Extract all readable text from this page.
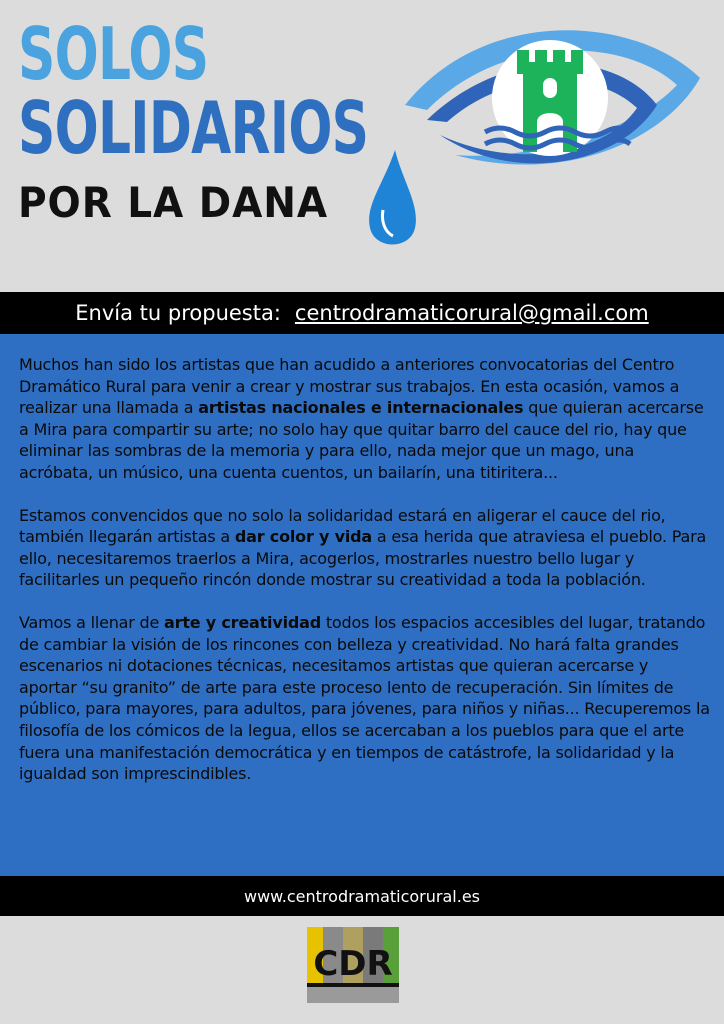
SOLOS
SOLIDARIOS
POR LA DANA
Envía tu propuesta: centrodramaticorural@gmail.com

Muchos han sido los artistas que han acudido a anteriores convocatorias del Centro Dramático Rural para venir a crear y mostrar sus trabajos. En esta ocasión, vamos a realizar una llamada a artistas nacionales e internacionales que quieran acercarse a Mira para compartir su arte; no solo hay que quitar barro del cauce del rio, hay que eliminar las sombras de la memoria y para ello, nada mejor que un mago, una acróbata, un músico, una cuenta cuentos, un bailarín, una titiritera...

Estamos convencidos que no solo la solidaridad estará en aligerar el cauce del rio, también llegarán artistas a dar color y vida a esa herida que atraviesa el pueblo. Para ello, necesitaremos traerlos a Mira, acogerlos, mostrarles nuestro bello lugar y facilitarles un pequeño rincón donde mostrar su creatividad a toda la población.

Vamos a llenar de arte y creatividad todos los espacios accesibles del lugar, tratando de cambiar la visión de los rincones con belleza y creatividad. No hará falta grandes escenarios ni dotaciones técnicas, necesitamos artistas que quieran acercarse y aportar “su granito” de arte para este proceso lento de recuperación. Sin límites de público, para mayores, para adultos, para jóvenes, para niños y niñas... Recuperemos la filosofía de los cómicos de la legua, ellos se acercaban a los pueblos para que el arte fuera una manifestación democrática y en tiempos de catástrofe, la solidaridad y la igualdad son imprescindibles.

www.centrodramaticorural.es
CDR
